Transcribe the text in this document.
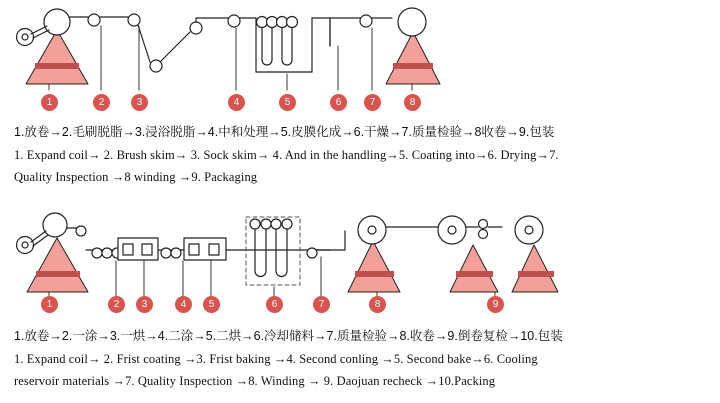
1	2	3	4	5	6	7	8
1.放卷→2.毛刷脱脂→3.浸浴脱脂→4.中和处理→5.皮膜化成→6.干燥→7.质量检验→8收卷→9.包装
1. Expand coil→ 2. Brush skim→ 3. Sock skim→ 4. And in the handling→5. Coating into→6. Drying→7.
Quality Inspection →8 winding →9. Packaging
1	2	3	4	5	6	7	8	9
1.放卷→2.一涂→3.一烘→4.二涂→5.二烘→6.冷却储料→7.质量检验→8.收卷→9.倒卷复检→10.包装
1. Expand coil→ 2. Frist coating →3. Frist baking →4. Second conling →5. Second bake→6. Cooling
reservoir materials →7. Quality Inspection →8. Winding → 9. Daojuan recheck →10.Packing
